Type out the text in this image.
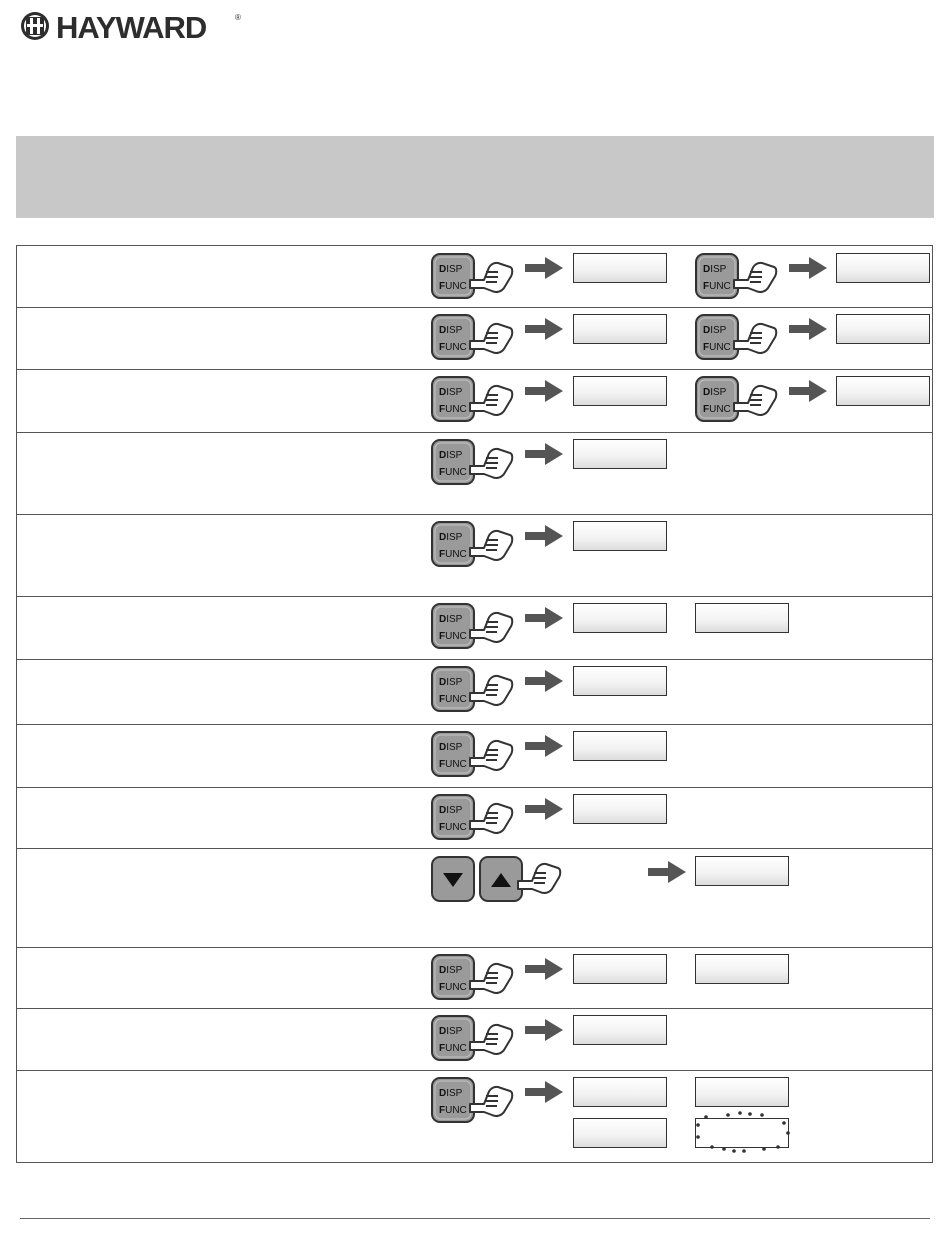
HAYWARD	®
DISP
FUNC
DISP
FUNC
DISP
FUNC
DISP
FUNC
DISP
FUNC
DISP
FUNC
DISP
FUNC
DISP
FUNC
DISP
FUNC
DISP
FUNC
DISP
FUNC
DISP
FUNC
DISP
FUNC
DISP
FUNC
DISP
FUNC
